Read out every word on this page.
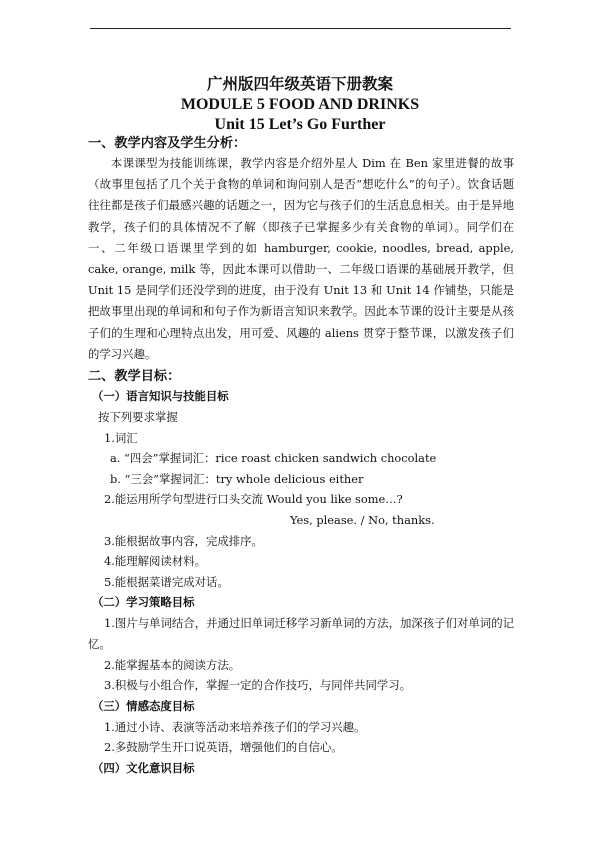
广州版四年级英语下册教案
MODULE 5 FOOD AND DRINKS
Unit 15 Let’s Go Further

一、教学内容及学生分析：

本课课型为技能训练课，教学内容是介绍外星人 Dim 在 Ben 家里进餐的故事（故事里包括了几个关于食物的单词和询问别人是否“想吃什么”的句子）。饮食话题往往都是孩子们最感兴趣的话题之一，因为它与孩子们的生活息息相关。由于是异地教学，孩子们的具体情况不了解（即孩子已掌握多少有关食物的单词）。同学们在一、二年级口语课里学到的如 hamburger, cookie, noodles, bread, apple, cake, orange, milk 等，因此本课可以借助一、二年级口语课的基础展开教学，但 Unit 15 是同学们还没学到的进度，由于没有 Unit 13 和 Unit 14 作铺垫，只能是把故事里出现的单词和和句子作为新语言知识来教学。因此本节课的设计主要是从孩子们的生理和心理特点出发，用可爱、风趣的 aliens 贯穿于整节课，以激发孩子们的学习兴趣。

二、教学目标：

（一）语言知识与技能目标

按下列要求掌握

1.词汇

a. “四会”掌握词汇：rice roast chicken sandwich chocolate

b. “三会”掌握词汇：try whole delicious either

2.能运用所学句型进行口头交流 Would you like some…?

Yes, please. / No, thanks.

3.能根据故事内容，完成排序。

4.能理解阅读材料。

5.能根据菜谱完成对话。

（二）学习策略目标

1.图片与单词结合，并通过旧单词迁移学习新单词的方法，加深孩子们对单词的记忆。

2.能掌握基本的阅读方法。

3.积极与小组合作，掌握一定的合作技巧，与同伴共同学习。

（三）情感态度目标

1.通过小诗、表演等活动来培养孩子们的学习兴趣。

2.多鼓励学生开口说英语，增强他们的自信心。

（四）文化意识目标
